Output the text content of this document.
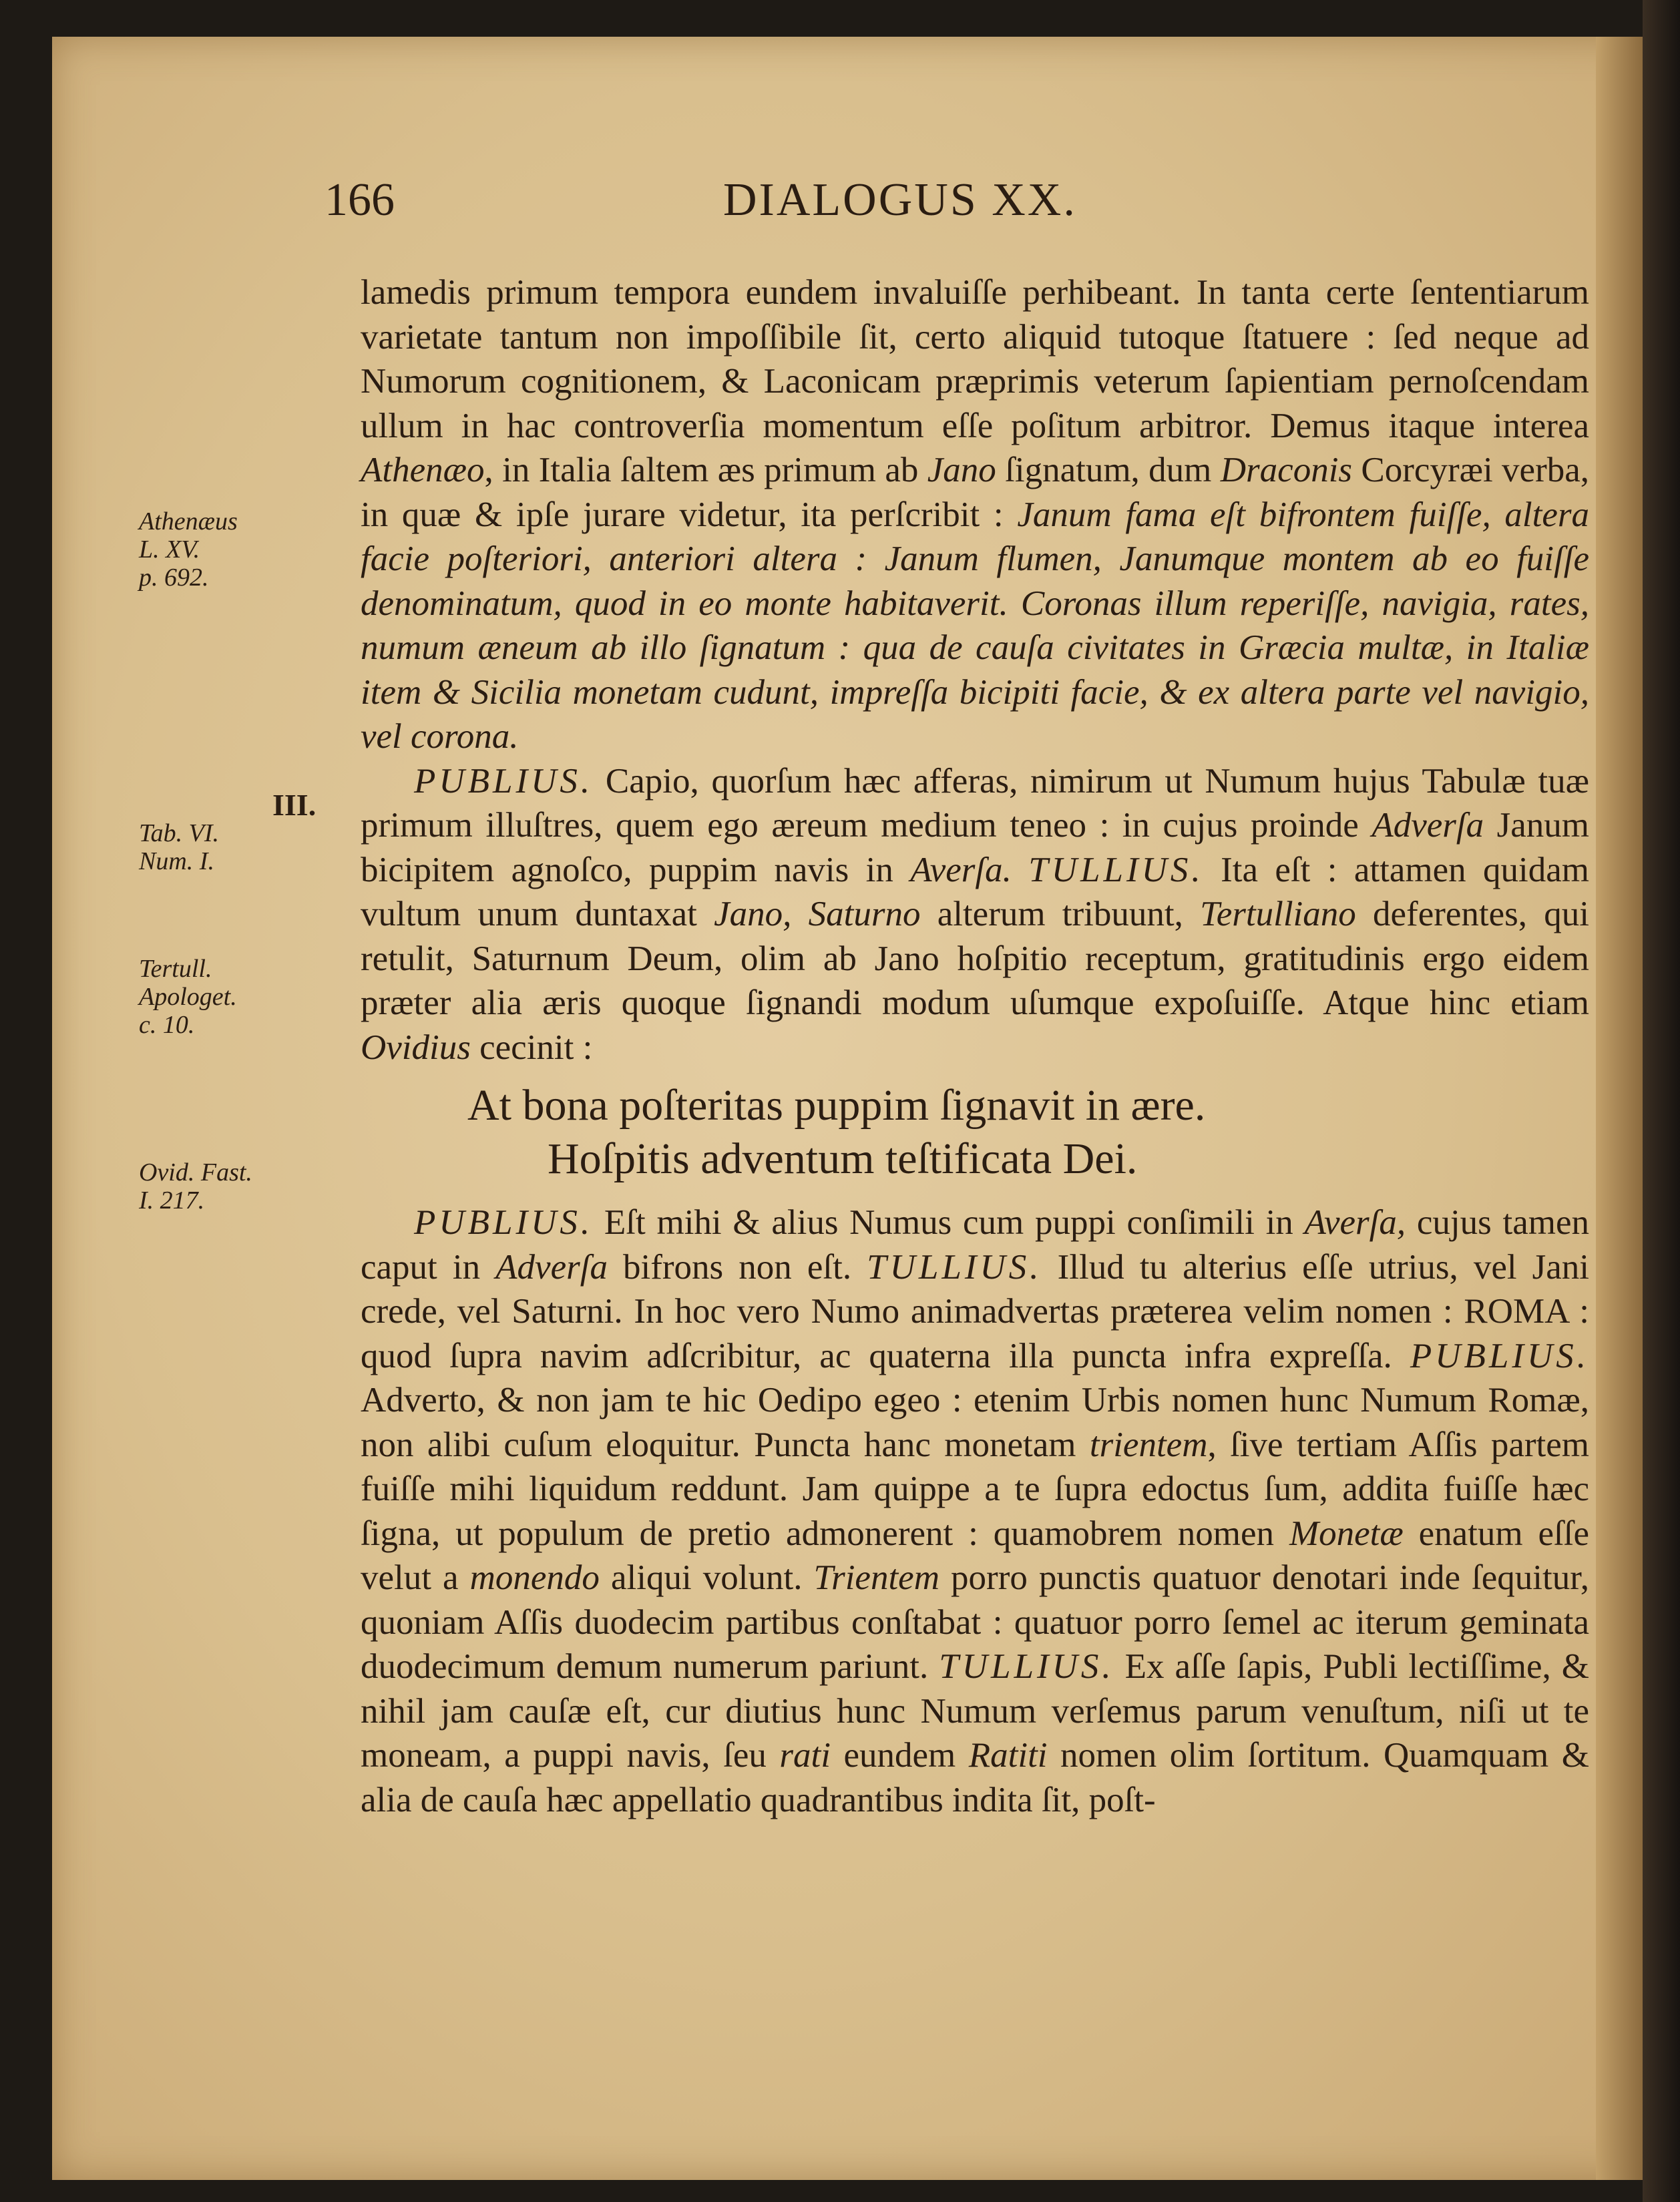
166	DIALOGUS XX.
Athenæus
L. XV.
p. 692.
III.
Tab. VI.
Num. I.
Tertull.
Apologet.
c. 10.
Ovid. Fast.
I. 217.

lamedis primum tempora eundem invaluiſſe perhibeant. In tanta certe ſententiarum varietate tantum non impoſſibile ſit, certo aliquid tutoque ſtatuere : ſed neque ad Numorum cognitionem, & Laconicam præprimis veterum ſapientiam pernoſcendam ullum in hac controverſia momentum eſſe poſitum arbitror. Demus itaque interea Athenæo, in Italia ſaltem æs primum ab Jano ſignatum, dum Draconis Corcyræi verba, in quæ & ipſe jurare videtur, ita perſcribit : Janum fama eſt bifrontem fuiſſe, altera facie poſteriori, anteriori altera : Janum flumen, Janumque montem ab eo fuiſſe denominatum, quod in eo monte habitaverit. Coronas illum reperiſſe, navigia, rates, numum æneum ab illo ſignatum : qua de cauſa civitates in Græcia multæ, in Italiæ item & Sicilia monetam cudunt, impreſſa bicipiti facie, & ex altera parte vel navigio, vel corona.

PUBLIUS. Capio, quorſum hæc afferas, nimirum ut Numum hujus Tabulæ tuæ primum illuſtres, quem ego æreum medium teneo : in cujus proinde Adverſa Janum bicipitem agnoſco, puppim navis in Averſa. TULLIUS. Ita eſt : attamen quidam vultum unum duntaxat Jano, Saturno alterum tribuunt, Tertulliano deferentes, qui retulit, Saturnum Deum, olim ab Jano hoſpitio receptum, gratitudinis ergo eidem præter alia æris quoque ſignandi modum uſumque expoſuiſſe. Atque hinc etiam Ovidius cecinit :

At bona poſteritas puppim ſignavit in ære.
Hoſpitis adventum teſtificata Dei.

PUBLIUS. Eſt mihi & alius Numus cum puppi conſimili in Averſa, cujus tamen caput in Adverſa bifrons non eſt. TULLIUS. Illud tu alterius eſſe utrius, vel Jani crede, vel Saturni. In hoc vero Numo animadvertas præterea velim nomen : ROMA : quod ſupra navim adſcribitur, ac quaterna illa puncta infra expreſſa. PUBLIUS. Adverto, & non jam te hic Oedipo egeo : etenim Urbis nomen hunc Numum Romæ, non alibi cuſum eloquitur. Puncta hanc monetam trientem, ſive tertiam Aſſis partem fuiſſe mihi liquidum reddunt. Jam quippe a te ſupra edoctus ſum, addita fuiſſe hæc ſigna, ut populum de pretio admonerent : quamobrem nomen Monetæ enatum eſſe velut a monendo aliqui volunt. Trientem porro punctis quatuor denotari inde ſequitur, quoniam Aſſis duodecim partibus conſtabat : quatuor porro ſemel ac iterum geminata duodecimum demum numerum pariunt. TULLIUS. Ex aſſe ſapis, Publi lectiſſime, & nihil jam cauſæ eſt, cur diutius hunc Numum verſemus parum venuſtum, niſi ut te moneam, a puppi navis, ſeu rati eundem Ratiti nomen olim ſortitum. Quamquam & alia de cauſa hæc appellatio quadrantibus indita ſit, poſt-
